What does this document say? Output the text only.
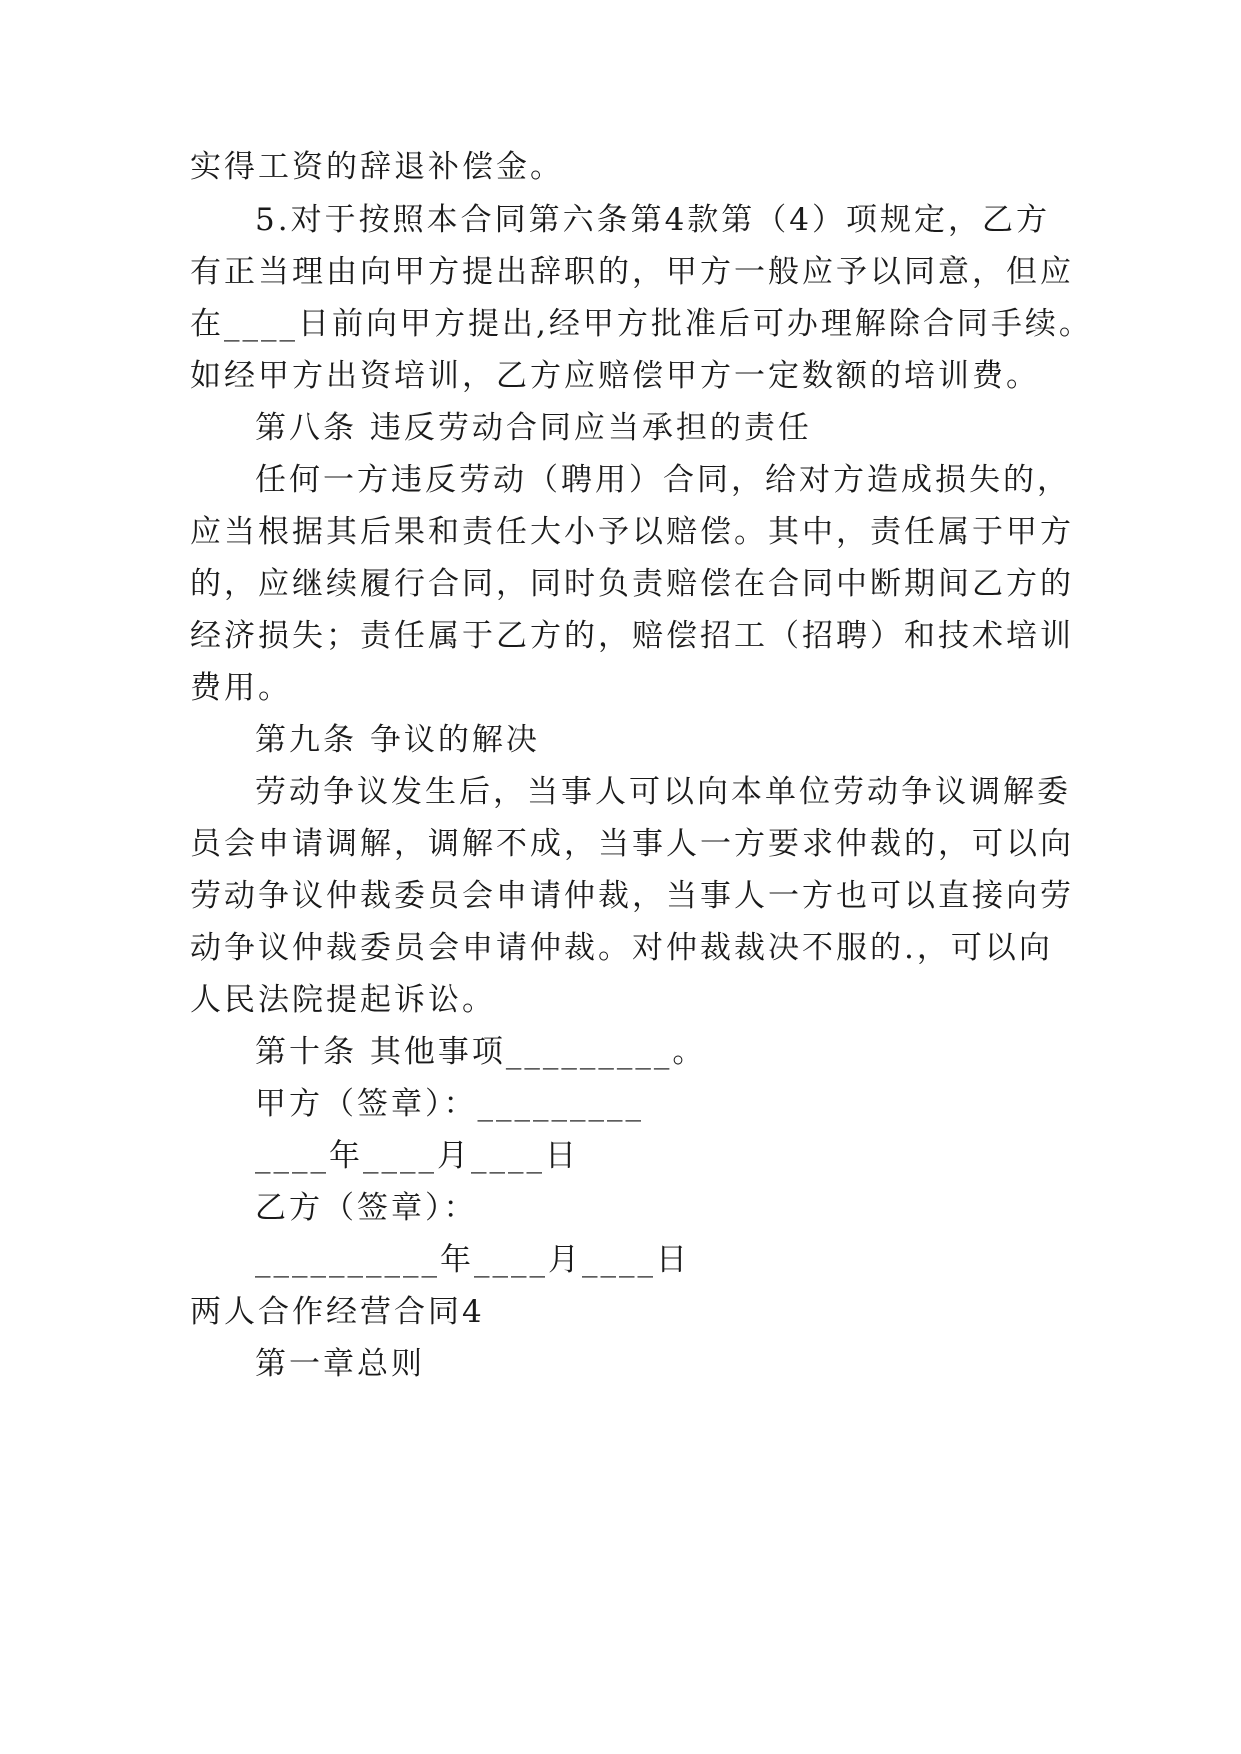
实得工资的辞退补偿金。
5.对于按照本合同第六条第4款第（4）项规定，乙方
有正当理由向甲方提出辞职的，甲方一般应予以同意，但应
在____日前向甲方提出,经甲方批准后可办理解除合同手续。
如经甲方出资培训，乙方应赔偿甲方一定数额的培训费。
第八条 违反劳动合同应当承担的责任
任何一方违反劳动（聘用）合同，给对方造成损失的，
应当根据其后果和责任大小予以赔偿。其中，责任属于甲方
的，应继续履行合同，同时负责赔偿在合同中断期间乙方的
经济损失；责任属于乙方的，赔偿招工（招聘）和技术培训
费用。
第九条 争议的解决
劳动争议发生后，当事人可以向本单位劳动争议调解委
员会申请调解，调解不成，当事人一方要求仲裁的，可以向
劳动争议仲裁委员会申请仲裁，当事人一方也可以直接向劳
动争议仲裁委员会申请仲裁。对仲裁裁决不服的.，可以向
人民法院提起诉讼。
第十条 其他事项_________。
甲方（签章）：_________
____年____月____日
乙方（签章）：
__________年____月____日
两人合作经营合同4
第一章总则
